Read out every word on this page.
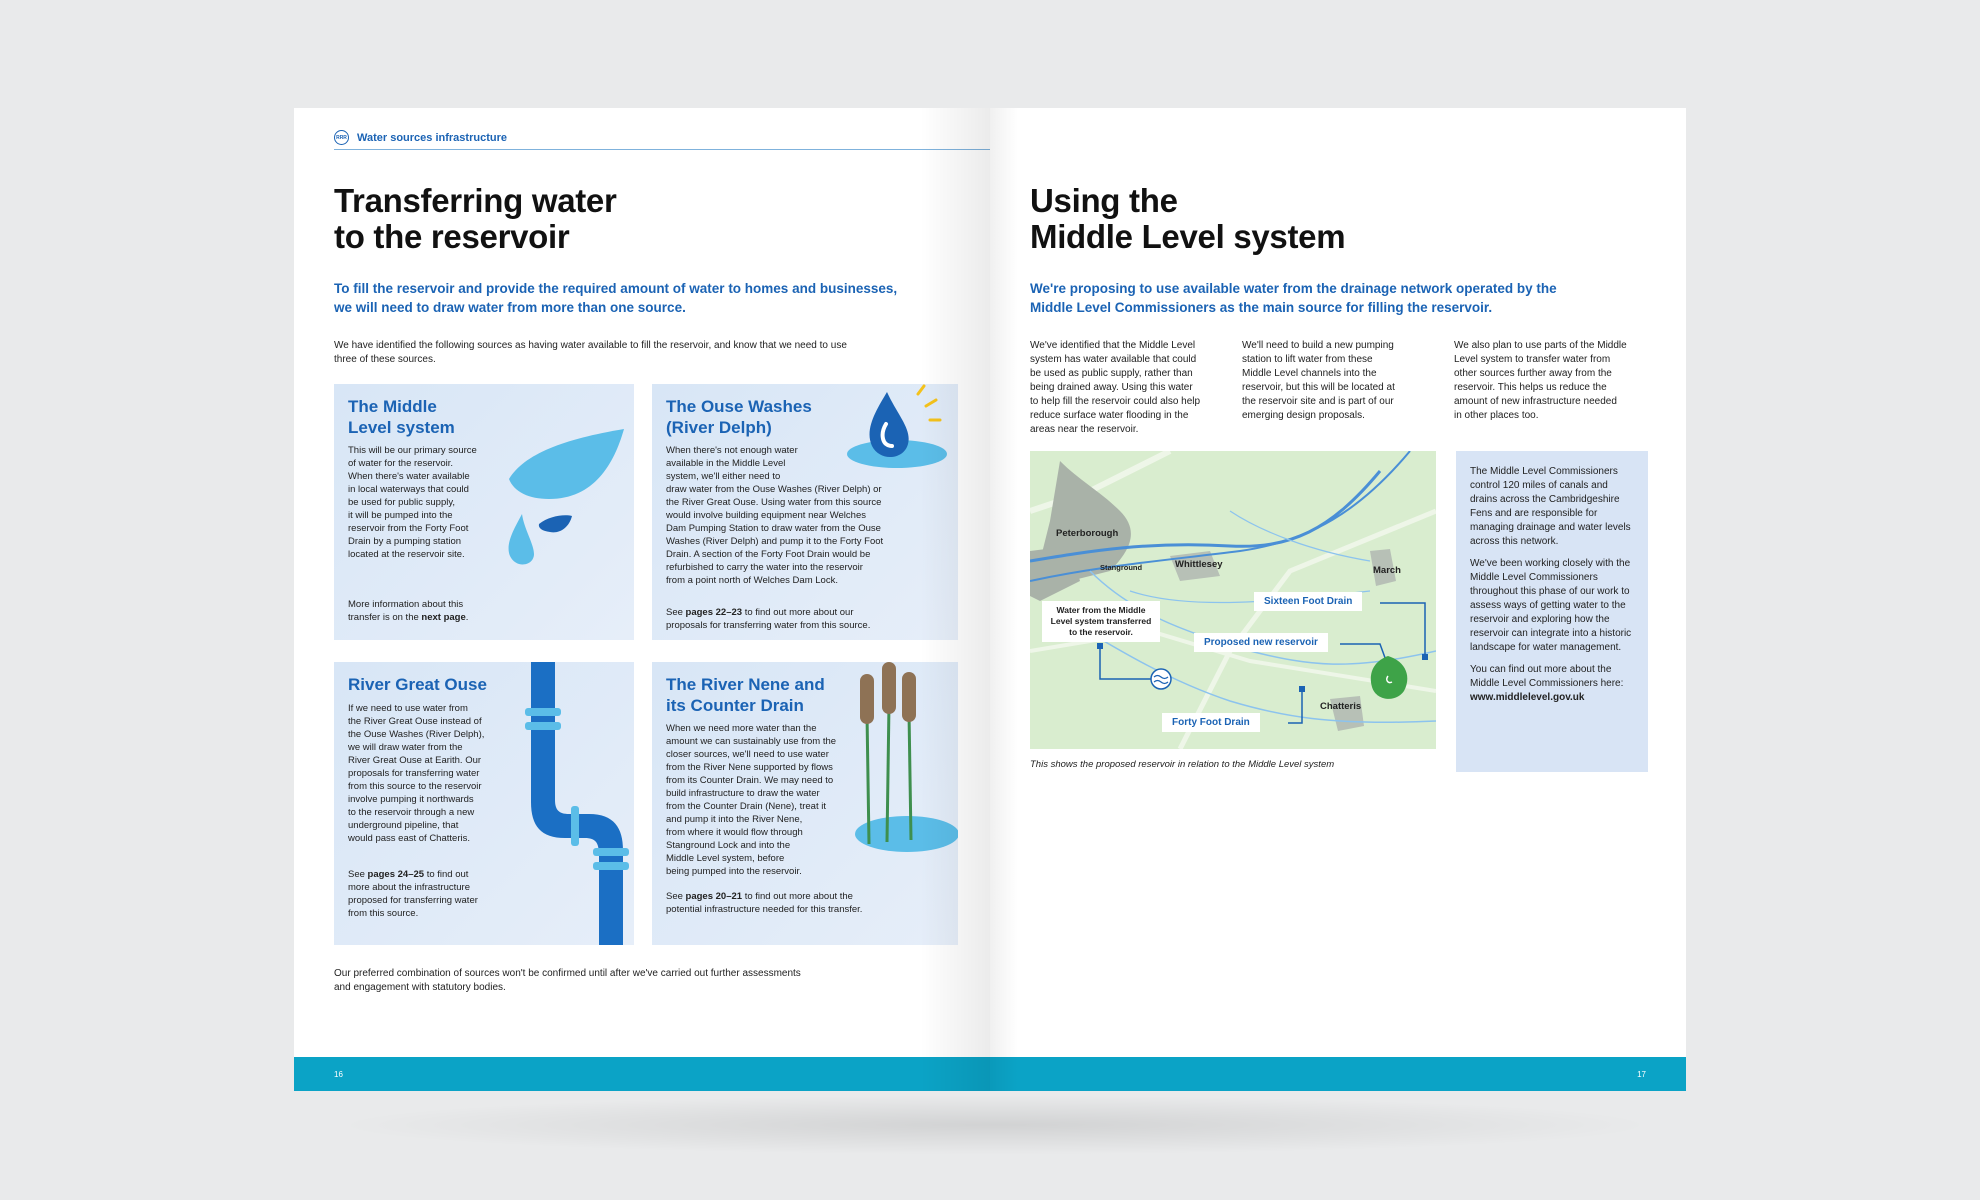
RRR Water sources infrastructure
Transferring water
to the reservoir
To fill the reservoir and provide the required amount of water to homes and businesses,
we will need to draw water from more than one source.
We have identified the following sources as having water available to fill the reservoir, and know that we need to use
three of these sources.
The Middle
Level system
This will be our primary source
of water for the reservoir.
When there's water available
in local waterways that could
be used for public supply,
it will be pumped into the
reservoir from the Forty Foot
Drain by a pumping station
located at the reservoir site.
More information about this
transfer is on the next page.
The Ouse Washes
(River Delph)
When there's not enough water
available in the Middle Level
system, we'll either need to
draw water from the Ouse Washes (River Delph) or
the River Great Ouse. Using water from this source
would involve building equipment near Welches
Dam Pumping Station to draw water from the Ouse
Washes (River Delph) and pump it to the Forty Foot
Drain. A section of the Forty Foot Drain would be
refurbished to carry the water into the reservoir
from a point north of Welches Dam Lock.
See pages 22–23 to find out more about our
proposals for transferring water from this source.
River Great Ouse
If we need to use water from
the River Great Ouse instead of
the Ouse Washes (River Delph),
we will draw water from the
River Great Ouse at Earith. Our
proposals for transferring water
from this source to the reservoir
involve pumping it northwards
to the reservoir through a new
underground pipeline, that
would pass east of Chatteris.
See pages 24–25 to find out
more about the infrastructure
proposed for transferring water
from this source.
The River Nene and
its Counter Drain
When we need more water than the
amount we can sustainably use from the
closer sources, we'll need to use water
from the River Nene supported by flows
from its Counter Drain. We may need to
build infrastructure to draw the water
from the Counter Drain (Nene), treat it
and pump it into the River Nene,
from where it would flow through
Stanground Lock and into the
Middle Level system, before
being pumped into the reservoir.
See pages 20–21 to find out more about the
potential infrastructure needed for this transfer.
Our preferred combination of sources won't be confirmed until after we've carried out further assessments
and engagement with statutory bodies.
16
Using the
Middle Level system
We're proposing to use available water from the drainage network operated by the
Middle Level Commissioners as the main source for filling the reservoir.
We've identified that the Middle Level
system has water available that could
be used as public supply, rather than
being drained away. Using this water
to help fill the reservoir could also help
reduce surface water flooding in the
areas near the reservoir.
We'll need to build a new pumping
station to lift water from these
Middle Level channels into the
reservoir, but this will be located at
the reservoir site and is part of our
emerging design proposals.
We also plan to use parts of the Middle
Level system to transfer water from
other sources further away from the
reservoir. This helps us reduce the
amount of new infrastructure needed
in other places too.
Peterborough
Stanground	Whittlesey
March
Chatteris
Sixteen Foot Drain
Proposed new reservoir
Forty Foot Drain
Water from the Middle
Level system transferred
to the reservoir.
This shows the proposed reservoir in relation to the Middle Level system

The Middle Level Commissioners control 120 miles of canals and drains across the Cambridgeshire Fens and are responsible for managing drainage and water levels across this network.

We've been working closely with the Middle Level Commissioners throughout this phase of our work to assess ways of getting water to the reservoir and exploring how the reservoir can integrate into a historic landscape for water management.

You can find out more about the Middle Level Commissioners here:
www.middlelevel.gov.uk

17
